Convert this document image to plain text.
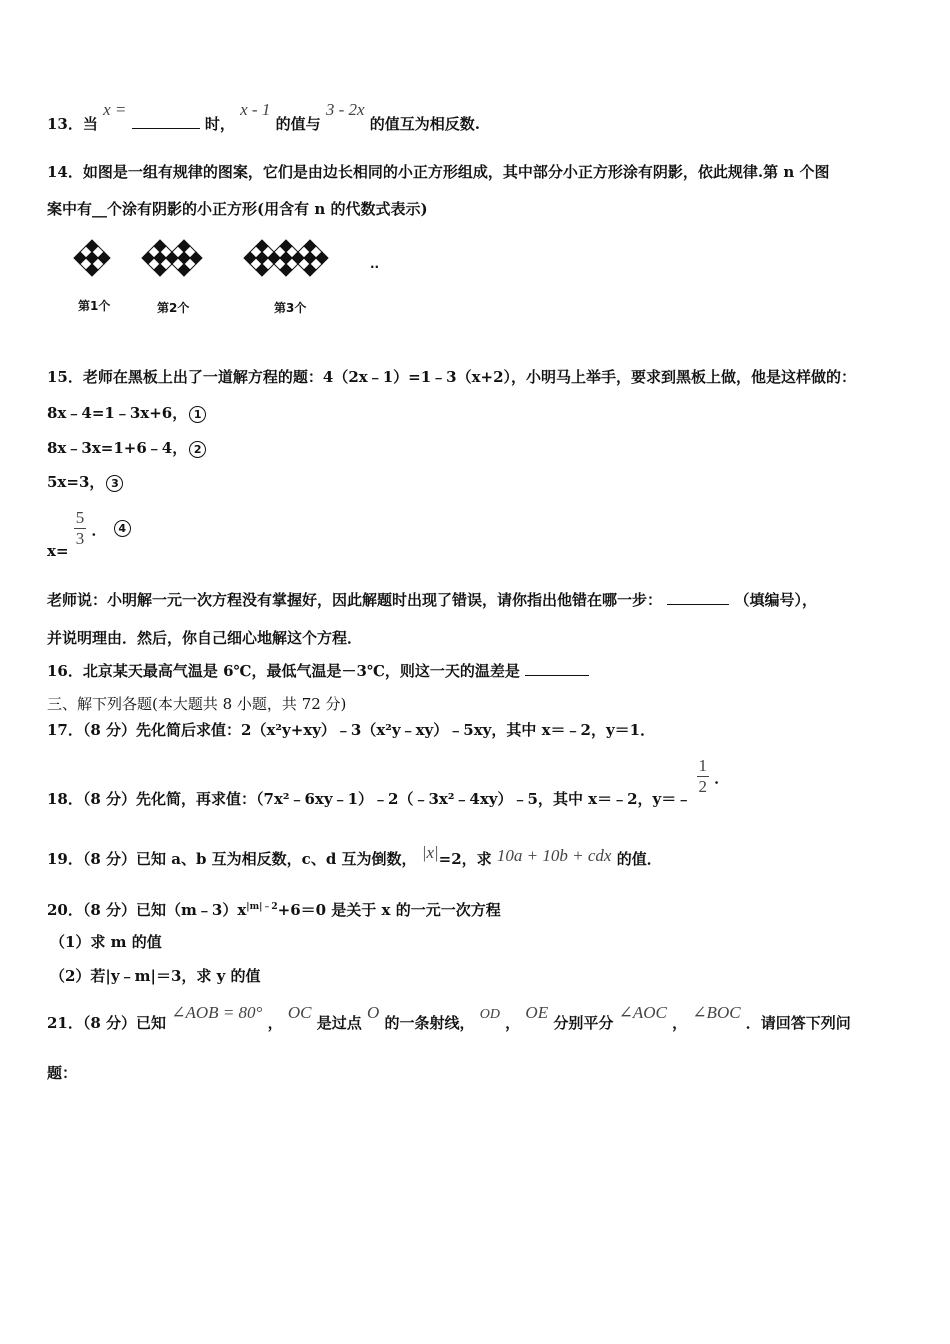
13．当 x =  时， x - 1 的值与 3 - 2x 的值互为相反数.
14．如图是一组有规律的图案，它们是由边长相同的小正方形组成，其中部分小正方形涂有阴影，依此规律.第 n 个图
案中有__个涂有阴影的小正方形(用含有 n 的代数式表示)
第1个	第2个	第3个
··
15．老师在黑板上出了一道解方程的题：4（2x﹣1）=1﹣3（x+2），小明马上举手，要求到黑板上做，他是这样做的：
8x﹣4=1﹣3x+6， 1
8x﹣3x=1+6﹣4， 2
5x=3， 3
x=
$\frac{5}{3}$ ． 4
老师说：小明解一元一次方程没有掌握好，因此解题时出现了错误，请你指出他错在哪一步：	（填编号），
并说明理由．然后，你自己细心地解这个方程．
16．北京某天最高气温是 6℃，最低气温是－3℃，则这一天的温差是
三、解下列各题(本大题共 8 小题，共 72 分)
17．（8 分）先化简后求值：2（x²y+xy）﹣3（x²y﹣xy）﹣5xy，其中 x＝﹣2，y＝1．
18．（8 分）先化简，再求值：（7x²﹣6xy﹣1）﹣2（﹣3x²﹣4xy）﹣5，其中 x＝﹣2，y＝﹣
$\frac{1}{2}$ ．
19．（8 分）已知 a、b 互为相反数，c、d 互为倒数， |x|=2，求 10a + 10b + cdx 的值．
20．（8 分）已知$(m﹣3)x^{|m|﹣2}+6=0$ 是关于 x 的一元一次方程
（1）求 m 的值
（2）若|y﹣m|＝3，求 y 的值
21．（8 分）已知 ∠AOB = 80° ， OC 是过点 O 的一条射线， OD ， OE 分别平分 ∠AOC ， ∠BOC ．请回答下列问
题：
